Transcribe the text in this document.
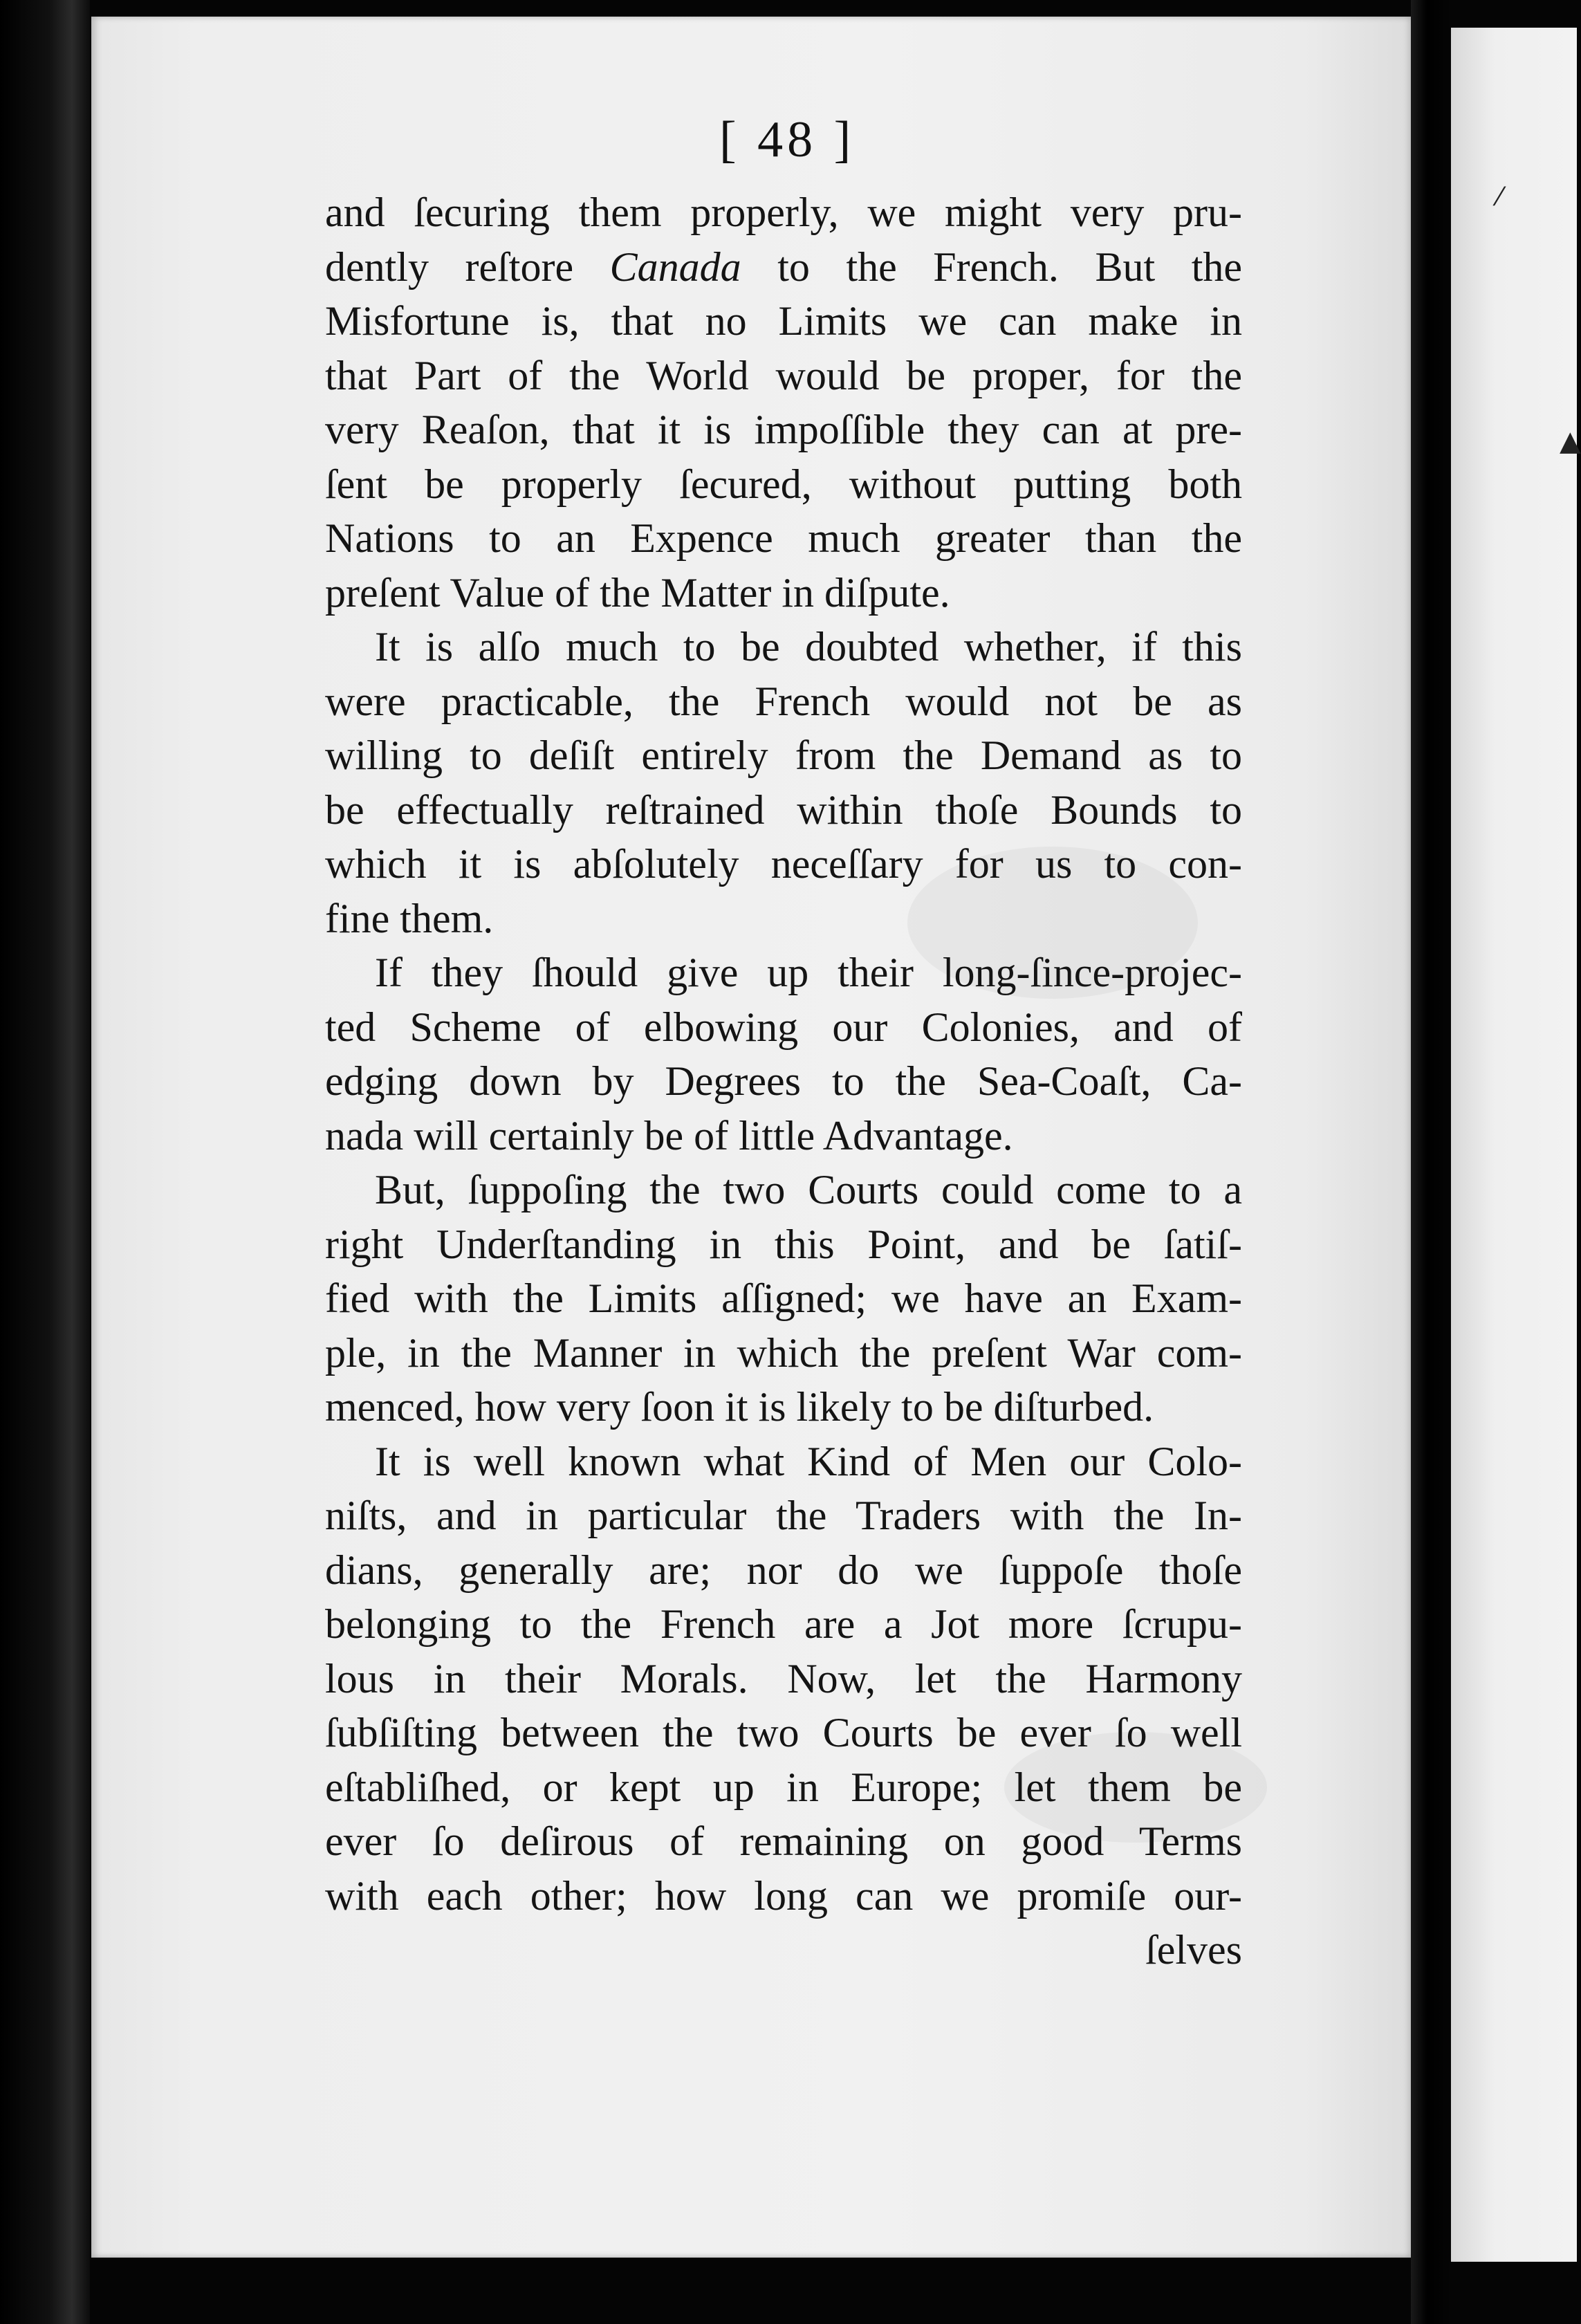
▲
⁄
[ 48 ]
and ſecuring them properly, we might very pru-
dently reſtore Canada to the French. But the
Misfortune is, that no Limits we can make in
that Part of the World would be proper, for the
very Reaſon, that it is impoſſible they can at pre-
ſent be properly ſecured, without putting both
Nations to an Expence much greater than the
preſent Value of the Matter in diſpute.
It is alſo much to be doubted whether, if this
were practicable, the French would not be as
willing to deſiſt entirely from the Demand as to
be effectually reſtrained within thoſe Bounds to
which it is abſolutely neceſſary for us to con-
fine them.
If they ſhould give up their long-ſince-projec-
ted Scheme of elbowing our Colonies, and of
edging down by Degrees to the Sea-Coaſt, Ca-
nada will certainly be of little Advantage.
But, ſuppoſing the two Courts could come to a
right Underſtanding in this Point, and be ſatiſ-
fied with the Limits aſſigned; we have an Exam-
ple, in the Manner in which the preſent War com-
menced, how very ſoon it is likely to be diſturbed.
It is well known what Kind of Men our Colo-
niſts, and in particular the Traders with the In-
dians, generally are; nor do we ſuppoſe thoſe
belonging to the French are a Jot more ſcrupu-
lous in their Morals. Now, let the Harmony
ſubſiſting between the two Courts be ever ſo well
eſtabliſhed, or kept up in Europe; let them be
ever ſo deſirous of remaining on good Terms
with each other; how long can we promiſe our-
ſelves
